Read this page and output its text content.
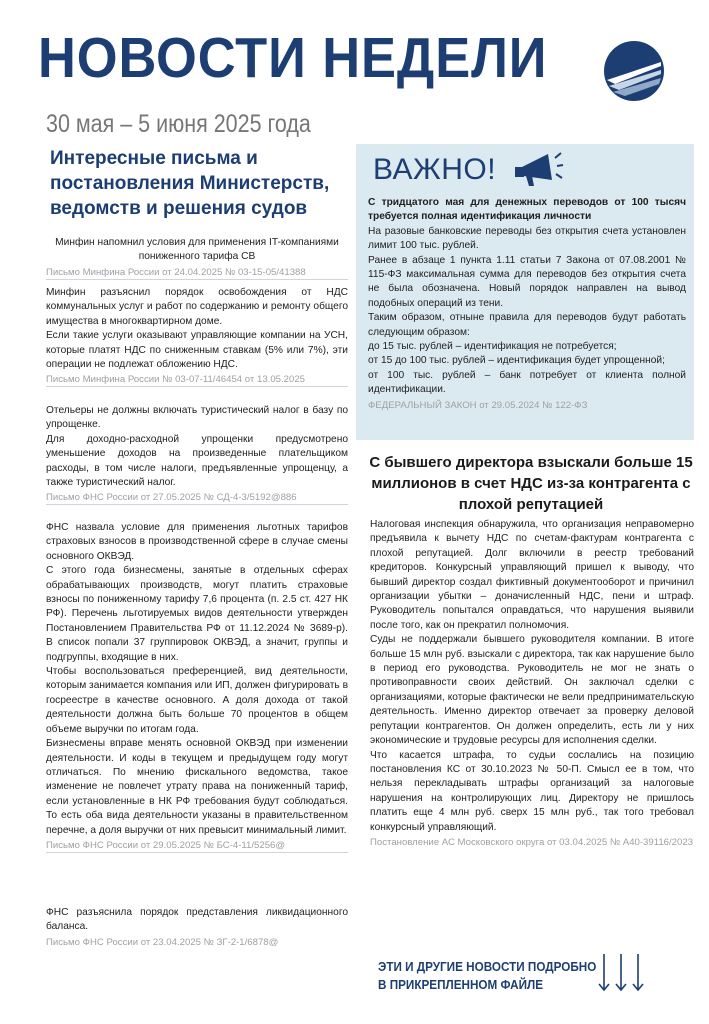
НОВОСТИ НЕДЕЛИ
30 мая – 5 июня 2025 года
Интересные письма и постановления Министерств, ведомств и решения судов

Минфин напомнил условия для применения IT-компаниями пониженного тарифа СВ

Письмо Минфина России от 24.04.2025 № 03-15-05/41388

Минфин разъяснил порядок освобождения от НДС коммунальных услуг и работ по содержанию и ремонту общего имущества в многоквартирном доме.

Если такие услуги оказывают управляющие компании на УСН, которые платят НДС по сниженным ставкам (5% или 7%), эти операции не подлежат обложению НДС.

Письмо Минфина России № 03-07-11/46454 от 13.05.2025

Отельеры не должны включать туристический налог в базу по упрощенке.

Для доходно-расходной упрощенки предусмотрено уменьшение доходов на произведенные плательщиком расходы, в том числе налоги, предъявленные упрощенцу, а также туристический налог.

Письмо ФНС России от 27.05.2025 № СД-4-3/5192@886

ФНС назвала условие для применения льготных тарифов страховых взносов в производственной сфере в случае смены основного ОКВЭД.

С этого года бизнесмены, занятые в отдельных сферах обрабатывающих производств, могут платить страховые взносы по пониженному тарифу 7,6 процента (п. 2.5 ст. 427 НК РФ). Перечень льготируемых видов деятельности утвержден Постановлением Правительства РФ от 11.12.2024 № 3689-р). В список попали 37 группировок ОКВЭД, а значит, группы и подгруппы, входящие в них.

Чтобы воспользоваться преференцией, вид деятельности, которым занимается компания или ИП, должен фигурировать в госреестре в качестве основного. А доля дохода от такой деятельности должна быть больше 70 процентов в общем объеме выручки по итогам года.

Бизнесмены вправе менять основной ОКВЭД при изменении деятельности. И коды в текущем и предыдущем году могут отличаться. По мнению фискального ведомства, такое изменение не повлечет утрату права на пониженный тариф, если установленные в НК РФ требования будут соблюдаться. То есть оба вида деятельности указаны в правительственном перечне, а доля выручки от них превысит минимальный лимит.

Письмо ФНС России от 29.05.2025 № БС-4-11/5256@

ФНС разъяснила порядок представления ликвидационного баланса.

Письмо ФНС России от 23.04.2025 № ЗГ-2-1/6878@
ВАЖНО!

С тридцатого мая для денежных переводов от 100 тысяч требуется полная идентификация личности

На разовые банковские переводы без открытия счета установлен лимит 100 тыс. рублей.

Ранее в абзаце 1 пункта 1.11 статьи 7 Закона от 07.08.2001 № 115-ФЗ максимальная сумма для переводов без открытия счета не была обозначена. Новый порядок направлен на вывод подобных операций из тени.

Таким образом, отныне правила для переводов будут работать следующим образом:

до 15 тыс. рублей – идентификация не потребуется;

от 15 до 100 тыс. рублей – идентификация будет упрощенной;

от 100 тыс. рублей – банк потребует от клиента полной идентификации.

ФЕДЕРАЛЬНЫЙ ЗАКОН от 29.05.2024 № 122-ФЗ
С бывшего директора взыскали больше 15 миллионов в счет НДС из-за контрагента с плохой репутацией

Налоговая инспекция обнаружила, что организация неправомерно предъявила к вычету НДС по счетам-фактурам контрагента с плохой репутацией. Долг включили в реестр требований кредиторов. Конкурсный управляющий пришел к выводу, что бывший директор создал фиктивный документооборот и причинил организации убытки – доначисленный НДС, пени и штраф. Руководитель попытался оправдаться, что нарушения выявили после того, как он прекратил полномочия.

Суды не поддержали бывшего руководителя компании. В итоге больше 15 млн руб. взыскали с директора, так как нарушение было в период его руководства. Руководитель не мог не знать о противоправности своих действий. Он заключал сделки с организациями, которые фактически не вели предпринимательскую деятельность. Именно директор отвечает за проверку деловой репутации контрагентов. Он должен определить, есть ли у них экономические и трудовые ресурсы для исполнения сделки.

Что касается штрафа, то судьи сослались на позицию постановления КС от 30.10.2023 № 50-П. Смысл ее в том, что нельзя перекладывать штрафы организаций за налоговые нарушения на контролирующих лиц. Директору не пришлось платить еще 4 млн руб. сверх 15 млн руб., так того требовал конкурсный управляющий.

Постановление АС Московского округа от 03.04.2025 № А40-39116/2023
ЭТИ И ДРУГИЕ НОВОСТИ ПОДРОБНО
В ПРИКРЕПЛЕННОМ ФАЙЛЕ
